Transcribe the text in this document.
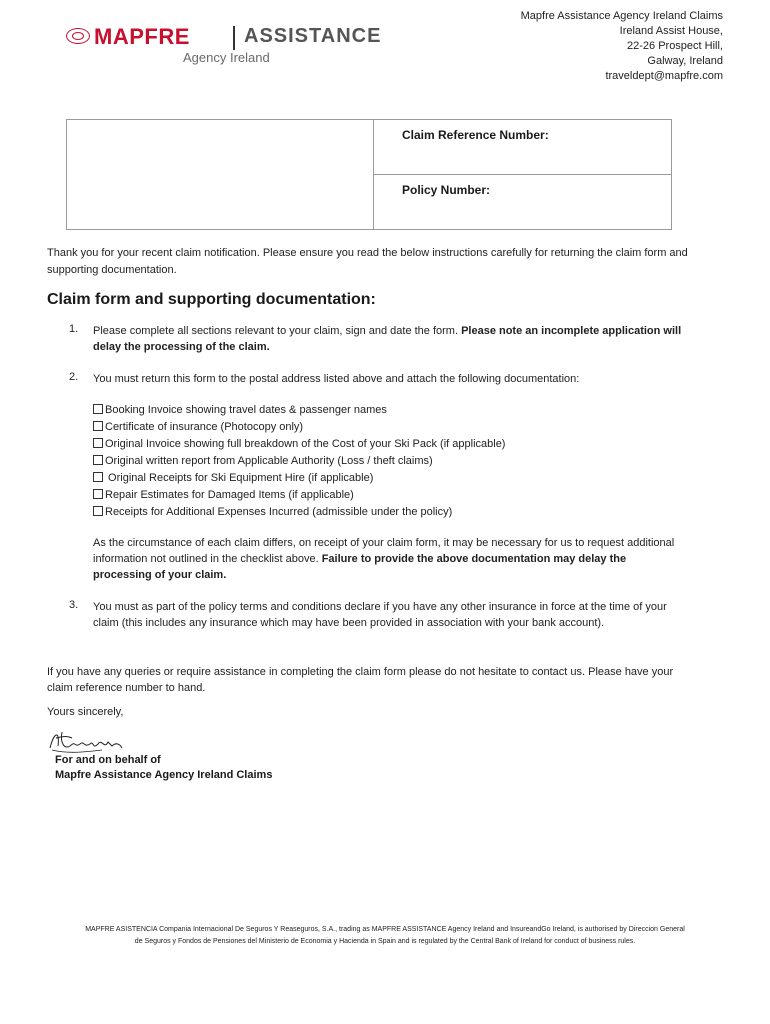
MAPFRE	ASSISTANCE
Agency Ireland
Mapfre Assistance Agency Ireland Claims
Ireland Assist House,
22-26 Prospect Hill,
Galway, Ireland
traveldept@mapfre.com
Claim Reference Number:
Policy Number:
Thank you for your recent claim notification. Please ensure you read the below instructions carefully for returning the claim form and supporting documentation.
Claim form and supporting documentation:
1. Please complete all sections relevant to your claim, sign and date the form. Please note an incomplete application will delay the processing of the claim.
2. You must return this form to the postal address listed above and attach the following documentation:
Booking Invoice showing travel dates & passenger names
Certificate of insurance (Photocopy only)
Original Invoice showing full breakdown of the Cost of your Ski Pack (if applicable)
Original written report from Applicable Authority (Loss / theft claims)
Original Receipts for Ski Equipment Hire (if applicable)
Repair Estimates for Damaged Items (if applicable)
Receipts for Additional Expenses Incurred (admissible under the policy)
As the circumstance of each claim differs, on receipt of your claim form, it may be necessary for us to request additional information not outlined in the checklist above. Failure to provide the above documentation may delay the processing of your claim.
3. You must as part of the policy terms and conditions declare if you have any other insurance in force at the time of your claim (this includes any insurance which may have been provided in association with your bank account).
If you have any queries or require assistance in completing the claim form please do not hesitate to contact us. Please have your claim reference number to hand.
Yours sincerely,
For and on behalf of
Mapfre Assistance Agency Ireland Claims
MAPFRE ASISTENCIA Compania Internacional De Seguros Y Reaseguros, S.A., trading as MAPFRE ASSISTANCE Agency Ireland and InsureandGo Ireland, is authorised by Direccion General
de Seguros y Fondos de Pensiones del Ministerio de Economia y Hacienda in Spain and is regulated by the Central Bank of Ireland for conduct of business rules.
